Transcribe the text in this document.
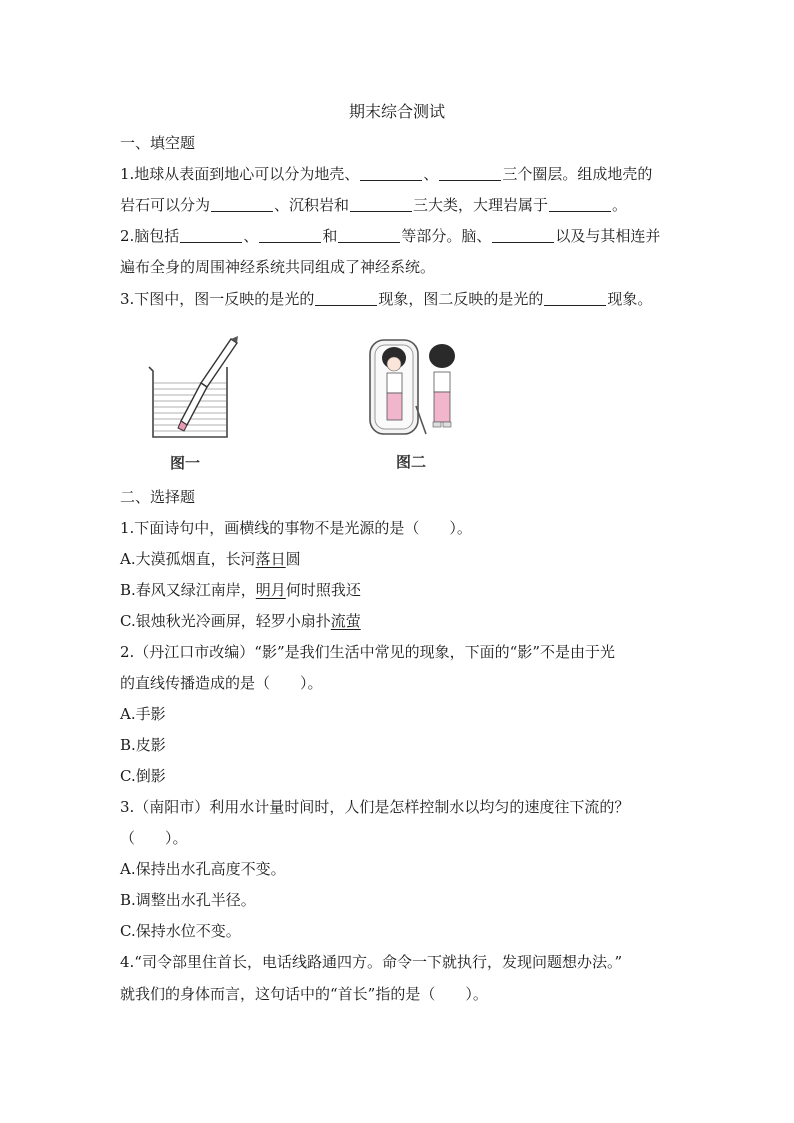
期末综合测试
一、填空题
1.地球从表面到地心可以分为地壳、	、	三个圈层。组成地壳的
岩石可以分为	、沉积岩和	三大类，大理岩属于	。
2.脑包括	、	和	等部分。脑、	以及与其相连并
遍布全身的周围神经系统共同组成了神经系统。
3.下图中，图一反映的是光的	现象，图二反映的是光的	现象。
图一	图二
二、选择题
1.下面诗句中，画横线的事物不是光源的是（　　）。
A.大漠孤烟直，长河落日圆
B.春风又绿江南岸，明月何时照我还
C.银烛秋光冷画屏，轻罗小扇扑流萤
2.（丹江口市改编）“影”是我们生活中常见的现象，下面的“影”不是由于光
的直线传播造成的是（　　）。
A.手影
B.皮影
C.倒影
3.（南阳市）利用水计量时间时，人们是怎样控制水以均匀的速度往下流的？
（　　）。
A.保持出水孔高度不变。
B.调整出水孔半径。
C.保持水位不变。
4.“司令部里住首长，电话线路通四方。命令一下就执行，发现问题想办法。”
就我们的身体而言，这句话中的“首长”指的是（　　）。
